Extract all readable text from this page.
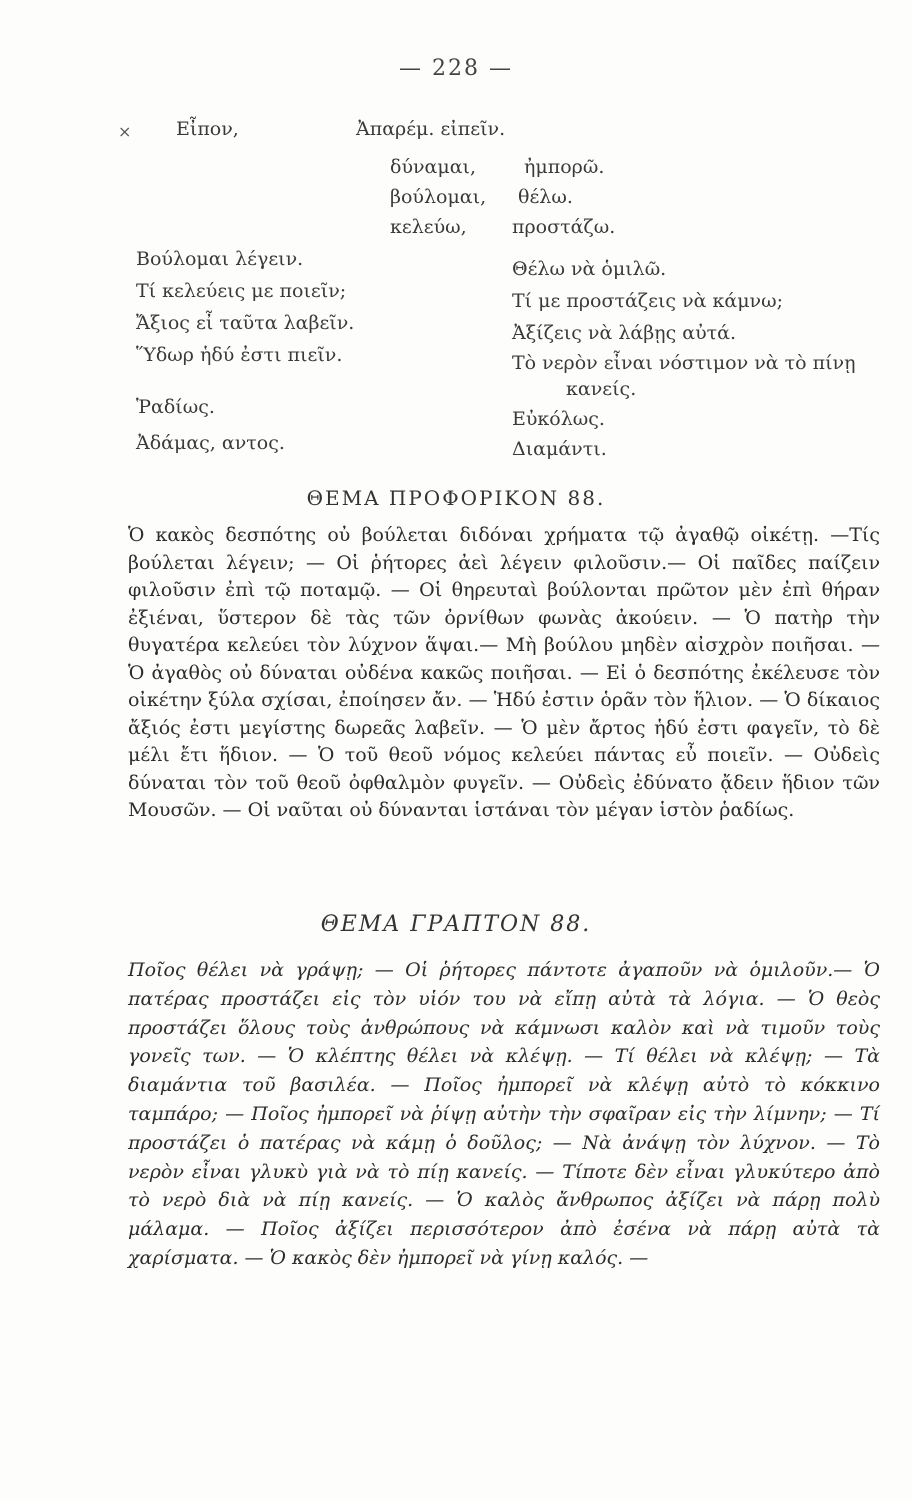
— 228 —
× Εἶπον,	Ἀπαρέμ. εἰπεῖν.
δύναμαι,
βούλομαι,
κελεύω,
ἠμπορῶ.
θέλω.
προστάζω.
Βούλομαι λέγειν.
Τί κελεύεις με ποιεῖν;
Ἄξιος εἶ ταῦτα λαβεῖν.
Ὕδωρ ἡδύ ἐστι πιεῖν.
Θέλω νὰ ὁμιλῶ.
Τί με προστάζεις νὰ κάμνω;
Ἀξίζεις νὰ λάβῃς αὐτά.
Τὸ νερὸν εἶναι νόστιμον νὰ τὸ πίνῃ
κανείς.
Ῥαδίως.
Εὐκόλως.
Ἀδάμας, αντος.	Διαμάντι.
ΘΕΜΑ ΠΡΟΦΟΡΙΚΟΝ 88.
Ὁ κακὸς δεσπότης οὐ βούλεται διδόναι χρήματα τῷ ἀγαθῷ οἰκέτῃ. —Τίς βούλεται λέγειν; — Οἱ ῥήτορες ἀεὶ λέγειν φιλοῦσιν.— Οἱ παῖδες παίζειν φιλοῦσιν ἐπὶ τῷ ποταμῷ. — Οἱ θηρευταὶ βούλονται πρῶτον μὲν ἐπὶ θήραν ἐξιέναι, ὕστερον δὲ τὰς τῶν ὀρνίθων φωνὰς ἀκούειν. — Ὁ πατὴρ τὴν θυγατέρα κελεύει τὸν λύχνον ἅψαι.— Μὴ βούλου μηδὲν αἰσχρὸν ποιῆσαι. — Ὁ ἀγαθὸς οὐ δύναται οὐδένα κακῶς ποιῆσαι. — Εἰ ὁ δεσπότης ἐκέλευσε τὸν οἰκέτην ξύλα σχίσαι, ἐποίησεν ἄν. — Ἡδύ ἐστιν ὁρᾶν τὸν ἥλιον. — Ὁ δίκαιος ἄξιός ἐστι μεγίστης δωρεᾶς λαβεῖν. — Ὁ μὲν ἄρτος ἡδύ ἐστι φαγεῖν, τὸ δὲ μέλι ἔτι ἥδιον. — Ὁ τοῦ θεοῦ νόμος κελεύει πάντας εὖ ποιεῖν. — Οὐδεὶς δύναται τὸν τοῦ θεοῦ ὀφθαλμὸν φυγεῖν. — Οὐδεὶς ἐδύνατο ᾄδειν ἥδιον τῶν Μουσῶν. — Οἱ ναῦται οὐ δύνανται ἱστάναι τὸν μέγαν ἱστὸν ῥαδίως.
ΘΕΜΑ ΓΡΑΠΤΟΝ 88.
Ποῖος θέλει νὰ γράψῃ; — Οἱ ῥήτορες πάντοτε ἀγαποῦν νὰ ὁμιλοῦν.— Ὁ πατέρας προστάζει εἰς τὸν υἱόν του νὰ εἴπῃ αὐτὰ τὰ λόγια. — Ὁ θεὸς προστάζει ὅλους τοὺς ἀνθρώπους νὰ κάμνωσι καλὸν καὶ νὰ τιμοῦν τοὺς γονεῖς των. — Ὁ κλέπτης θέλει νὰ κλέψῃ. — Τί θέλει νὰ κλέψῃ; — Τὰ διαμάντια τοῦ βασιλέα. — Ποῖος ἠμπορεῖ νὰ κλέψῃ αὐτὸ τὸ κόκκινο ταμπάρο; — Ποῖος ἠμπορεῖ νὰ ῥίψῃ αὐτὴν τὴν σφαῖραν εἰς τὴν λίμνην; — Τί προστάζει ὁ πατέρας νὰ κάμῃ ὁ δοῦλος; — Νὰ ἀνάψῃ τὸν λύχνον. — Τὸ νερὸν εἶναι γλυκὺ γιὰ νὰ τὸ πίῃ κανείς. — Τίποτε δὲν εἶναι γλυκύτερο ἀπὸ τὸ νερὸ διὰ νὰ πίῃ κανείς. — Ὁ καλὸς ἄνθρωπος ἀξίζει νὰ πάρῃ πολὺ μάλαμα. — Ποῖος ἀξίζει περισσότερον ἀπὸ ἐσένα νὰ πάρῃ αὐτὰ τὰ χαρίσματα. — Ὁ κακὸς δὲν ἠμπορεῖ νὰ γίνῃ καλός. —
